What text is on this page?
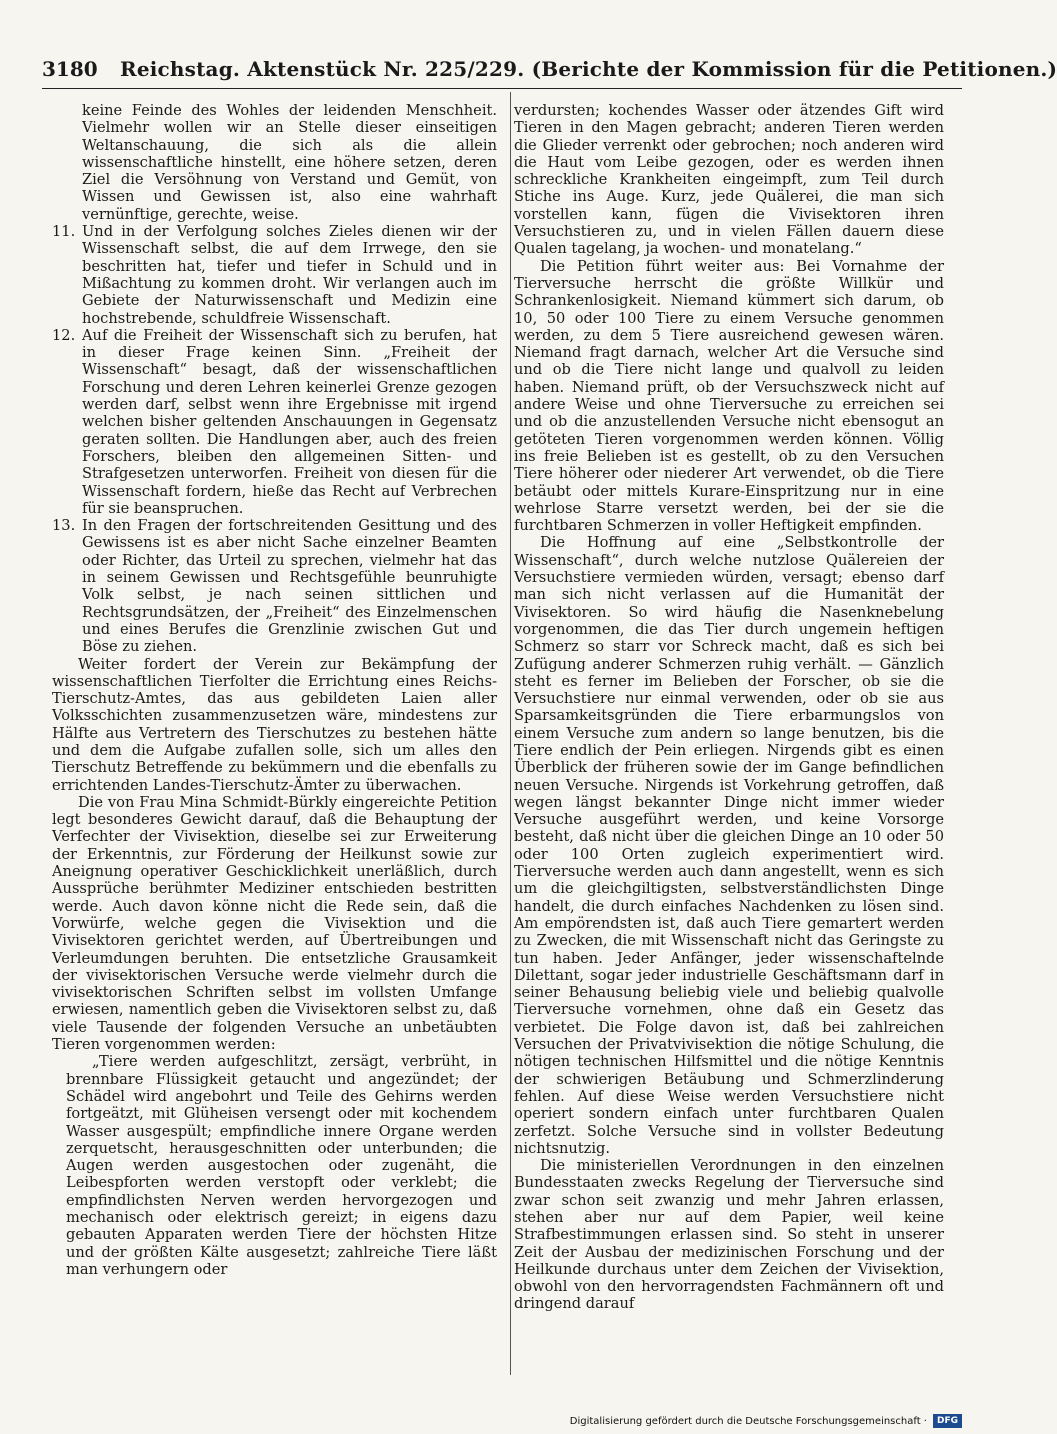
3180 Reichstag. Aktenstück Nr. 225/229. (Berichte der Kommission für die Petitionen.)

keine Feinde des Wohles der leidenden Menschheit. Vielmehr wollen wir an Stelle dieser einseitigen Weltanschauung, die sich als die allein wissenschaftliche hinstellt, eine höhere setzen, deren Ziel die Versöhnung von Verstand und Gemüt, von Wissen und Gewissen ist, also eine wahrhaft vernünftige, gerechte, weise.

11. Und in der Verfolgung solches Zieles dienen wir der Wissenschaft selbst, die auf dem Irrwege, den sie beschritten hat, tiefer und tiefer in Schuld und in Mißachtung zu kommen droht. Wir verlangen auch im Gebiete der Naturwissenschaft und Medizin eine hochstrebende, schuldfreie Wissenschaft.
12. Auf die Freiheit der Wissenschaft sich zu berufen, hat in dieser Frage keinen Sinn. „Freiheit der Wissenschaft“ besagt, daß der wissenschaftlichen Forschung und deren Lehren keinerlei Grenze gezogen werden darf, selbst wenn ihre Ergebnisse mit irgend welchen bisher geltenden Anschauungen in Gegensatz geraten sollten. Die Handlungen aber, auch des freien Forschers, bleiben den allgemeinen Sitten- und Strafgesetzen unterworfen. Freiheit von diesen für die Wissenschaft fordern, hieße das Recht auf Verbrechen für sie beanspruchen.
13. In den Fragen der fortschreitenden Gesittung und des Gewissens ist es aber nicht Sache einzelner Beamten oder Richter, das Urteil zu sprechen, vielmehr hat das in seinem Gewissen und Rechtsgefühle beunruhigte Volk selbst, je nach seinen sittlichen und Rechtsgrundsätzen, der „Freiheit“ des Einzelmenschen und eines Berufes die Grenzlinie zwischen Gut und Böse zu ziehen.

Weiter fordert der Verein zur Bekämpfung der wissenschaftlichen Tierfolter die Errichtung eines Reichs-Tierschutz-Amtes, das aus gebildeten Laien aller Volksschichten zusammenzusetzen wäre, mindestens zur Hälfte aus Vertretern des Tierschutzes zu bestehen hätte und dem die Aufgabe zufallen solle, sich um alles den Tierschutz Betreffende zu bekümmern und die ebenfalls zu errichtenden Landes-Tierschutz-Ämter zu überwachen.

Die von Frau Mina Schmidt-Bürkly eingereichte Petition legt besonderes Gewicht darauf, daß die Behauptung der Verfechter der Vivisektion, dieselbe sei zur Erweiterung der Erkenntnis, zur Förderung der Heilkunst sowie zur Aneignung operativer Geschicklichkeit unerläßlich, durch Aussprüche berühmter Mediziner entschieden bestritten werde. Auch davon könne nicht die Rede sein, daß die Vorwürfe, welche gegen die Vivisektion und die Vivisektoren gerichtet werden, auf Übertreibungen und Verleumdungen beruhten. Die entsetzliche Grausamkeit der vivisektorischen Versuche werde vielmehr durch die vivisektorischen Schriften selbst im vollsten Umfange erwiesen, namentlich geben die Vivisektoren selbst zu, daß viele Tausende der folgenden Versuche an unbetäubten Tieren vorgenommen werden:

„Tiere werden aufgeschlitzt, zersägt, verbrüht, in brennbare Flüssigkeit getaucht und angezündet; der Schädel wird angebohrt und Teile des Gehirns werden fortgeätzt, mit Glüheisen versengt oder mit kochendem Wasser ausgespült; empfindliche innere Organe werden zerquetscht, herausgeschnitten oder unterbunden; die Augen werden ausgestochen oder zugenäht, die Leibespforten werden verstopft oder verklebt; die empfindlichsten Nerven werden hervorgezogen und mechanisch oder elektrisch gereizt; in eigens dazu gebauten Apparaten werden Tiere der höchsten Hitze und der größten Kälte ausgesetzt; zahlreiche Tiere läßt man verhungern oder

verdursten; kochendes Wasser oder ätzendes Gift wird Tieren in den Magen gebracht; anderen Tieren werden die Glieder verrenkt oder gebrochen; noch anderen wird die Haut vom Leibe gezogen, oder es werden ihnen schreckliche Krankheiten eingeimpft, zum Teil durch Stiche ins Auge. Kurz, jede Quälerei, die man sich vorstellen kann, fügen die Vivisektoren ihren Versuchstieren zu, und in vielen Fällen dauern diese Qualen tagelang, ja wochen- und monatelang.“

Die Petition führt weiter aus: Bei Vornahme der Tierversuche herrscht die größte Willkür und Schrankenlosigkeit. Niemand kümmert sich darum, ob 10, 50 oder 100 Tiere zu einem Versuche genommen werden, zu dem 5 Tiere ausreichend gewesen wären. Niemand fragt darnach, welcher Art die Versuche sind und ob die Tiere nicht lange und qualvoll zu leiden haben. Niemand prüft, ob der Versuchszweck nicht auf andere Weise und ohne Tierversuche zu erreichen sei und ob die anzustellenden Versuche nicht ebensogut an getöteten Tieren vorgenommen werden können. Völlig ins freie Belieben ist es gestellt, ob zu den Versuchen Tiere höherer oder niederer Art verwendet, ob die Tiere betäubt oder mittels Kurare-Einspritzung nur in eine wehrlose Starre versetzt werden, bei der sie die furchtbaren Schmerzen in voller Heftigkeit empfinden.

Die Hoffnung auf eine „Selbstkontrolle der Wissenschaft“, durch welche nutzlose Quälereien der Versuchstiere vermieden würden, versagt; ebenso darf man sich nicht verlassen auf die Humanität der Vivisektoren. So wird häufig die Nasenknebelung vorgenommen, die das Tier durch ungemein heftigen Schmerz so starr vor Schreck macht, daß es sich bei Zufügung anderer Schmerzen ruhig verhält. — Gänzlich steht es ferner im Belieben der Forscher, ob sie die Versuchstiere nur einmal verwenden, oder ob sie aus Sparsamkeitsgründen die Tiere erbarmungslos von einem Versuche zum andern so lange benutzen, bis die Tiere endlich der Pein erliegen. Nirgends gibt es einen Überblick der früheren sowie der im Gange befindlichen neuen Versuche. Nirgends ist Vorkehrung getroffen, daß wegen längst bekannter Dinge nicht immer wieder Versuche ausgeführt werden, und keine Vorsorge besteht, daß nicht über die gleichen Dinge an 10 oder 50 oder 100 Orten zugleich experimentiert wird. Tierversuche werden auch dann angestellt, wenn es sich um die gleichgiltigsten, selbstverständlichsten Dinge handelt, die durch einfaches Nachdenken zu lösen sind. Am empörendsten ist, daß auch Tiere gemartert werden zu Zwecken, die mit Wissenschaft nicht das Geringste zu tun haben. Jeder Anfänger, jeder wissenschaftelnde Dilettant, sogar jeder industrielle Geschäftsmann darf in seiner Behausung beliebig viele und beliebig qualvolle Tierversuche vornehmen, ohne daß ein Gesetz das verbietet. Die Folge davon ist, daß bei zahlreichen Versuchen der Privatvivisektion die nötige Schulung, die nötigen technischen Hilfsmittel und die nötige Kenntnis der schwierigen Betäubung und Schmerzlinderung fehlen. Auf diese Weise werden Versuchstiere nicht operiert sondern einfach unter furchtbaren Qualen zerfetzt. Solche Versuche sind in vollster Bedeutung nichtsnutzig.

Die ministeriellen Verordnungen in den einzelnen Bundesstaaten zwecks Regelung der Tierversuche sind zwar schon seit zwanzig und mehr Jahren erlassen, stehen aber nur auf dem Papier, weil keine Strafbestimmungen erlassen sind. So steht in unserer Zeit der Ausbau der medizinischen Forschung und der Heilkunde durchaus unter dem Zeichen der Vivisektion, obwohl von den hervorragendsten Fachmännern oft und dringend darauf

Digitalisierung gefördert durch die Deutsche Forschungsgemeinschaft · DFG
